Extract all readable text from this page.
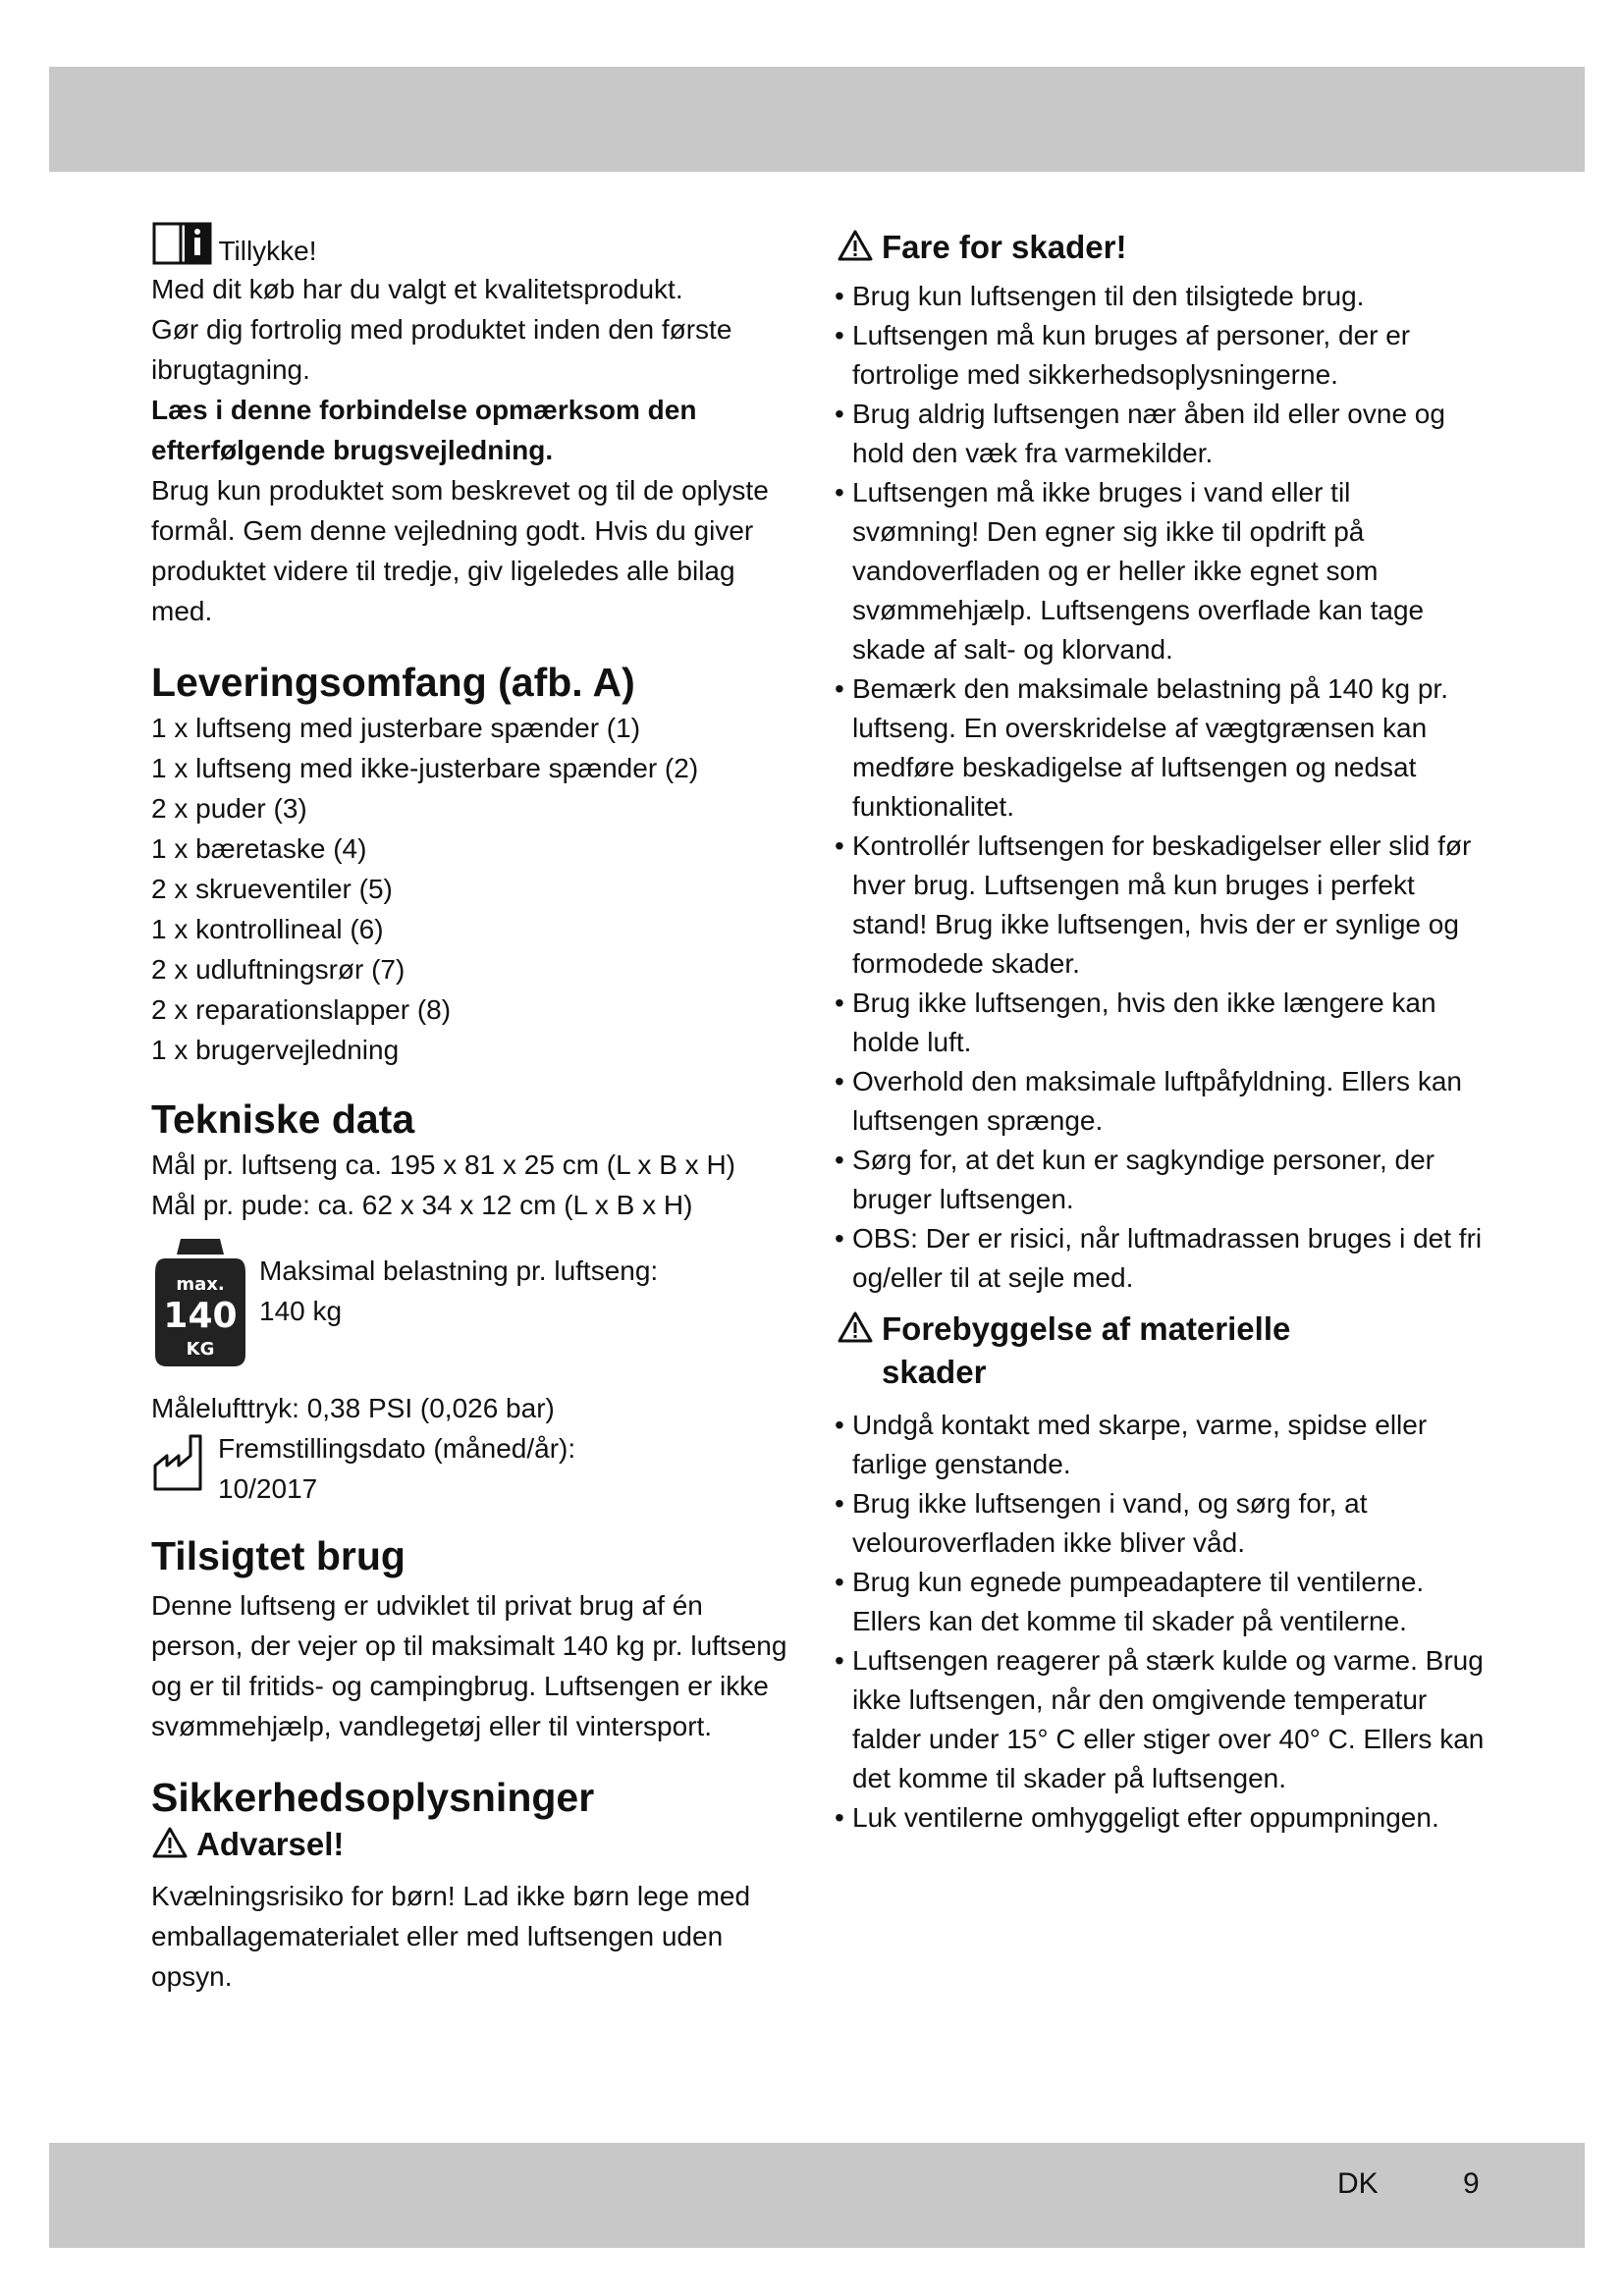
Tillykke!

Med dit køb har du valgt et kvalitetsprodukt.

Gør dig fortrolig med produktet inden den første ibrugtagning.

Læs i denne forbindelse opmærksom den efterfølgende brugsvejledning.

Brug kun produktet som beskrevet og til de oplyste formål. Gem denne vejledning godt. Hvis du giver produktet videre til tredje, giv ligeledes alle bilag med.

Leveringsomfang (afb. A)
1 x luftseng med justerbare spænder (1)
1 x luftseng med ikke-justerbare spænder (2)
2 x puder (3)
1 x bæretaske (4)
2 x skrueventiler (5)
1 x kontrollineal (6)
2 x udluftningsrør (7)
2 x reparationslapper (8)
1 x brugervejledning
Tekniske data
Mål pr. luftseng ca. 195 x 81 x 25 cm (L x B x H)
Mål pr. pude: ca. 62 x 34 x 12 cm (L x B x H)
max.
140
KG
Maksimal belastning pr. luftseng:
140 kg
Målelufttryk: 0,38 PSI (0,026 bar)
Fremstillingsdato (måned/år):
10/2017
Tilsigtet brug

Denne luftseng er udviklet til privat brug af én person, der vejer op til maksimalt 140 kg pr. luftseng og er til fritids- og campingbrug. Luftsengen er ikke svømmehjælp, vandlegetøj eller til vintersport.

Sikkerhedsoplysninger
Advarsel!

Kvælningsrisiko for børn! Lad ikke børn lege med emballagematerialet eller med luftsengen uden opsyn.

Fare for skader!
• Brug kun luftsengen til den tilsigtede brug.
• Luftsengen må kun bruges af personer, der er fortrolige med sikkerhedsoplysningerne.
• Brug aldrig luftsengen nær åben ild eller ovne og hold den væk fra varmekilder.
• Luftsengen må ikke bruges i vand eller til svømning! Den egner sig ikke til opdrift på vandoverfladen og er heller ikke egnet som svømmehjælp. Luftsengens overflade kan tage skade af salt- og klorvand.
• Bemærk den maksimale belastning på 140 kg pr. luftseng. En overskridelse af vægtgrænsen kan medføre beskadigelse af luftsengen og nedsat funktionalitet.
• Kontrollér luftsengen for beskadigelser eller slid før hver brug. Luftsengen må kun bruges i perfekt stand! Brug ikke luftsengen, hvis der er synlige og formodede skader.
• Brug ikke luftsengen, hvis den ikke længere kan holde luft.
• Overhold den maksimale luftpåfyldning. Ellers kan luftsengen sprænge.
• Sørg for, at det kun er sagkyndige personer, der bruger luftsengen.
• OBS: Der er risici, når luftmadrassen bruges i det fri og/eller til at sejle med.
Forebyggelse af materielle skader
• Undgå kontakt med skarpe, varme, spidse eller farlige genstande.
• Brug ikke luftsengen i vand, og sørg for, at velouroverfladen ikke bliver våd.
• Brug kun egnede pumpeadaptere til ventilerne. Ellers kan det komme til skader på ventilerne.
• Luftsengen reagerer på stærk kulde og varme. Brug ikke luftsengen, når den omgivende temperatur falder under 15° C eller stiger over 40° C. Ellers kan det komme til skader på luftsengen.
• Luk ventilerne omhyggeligt efter oppumpningen.
DK	9
